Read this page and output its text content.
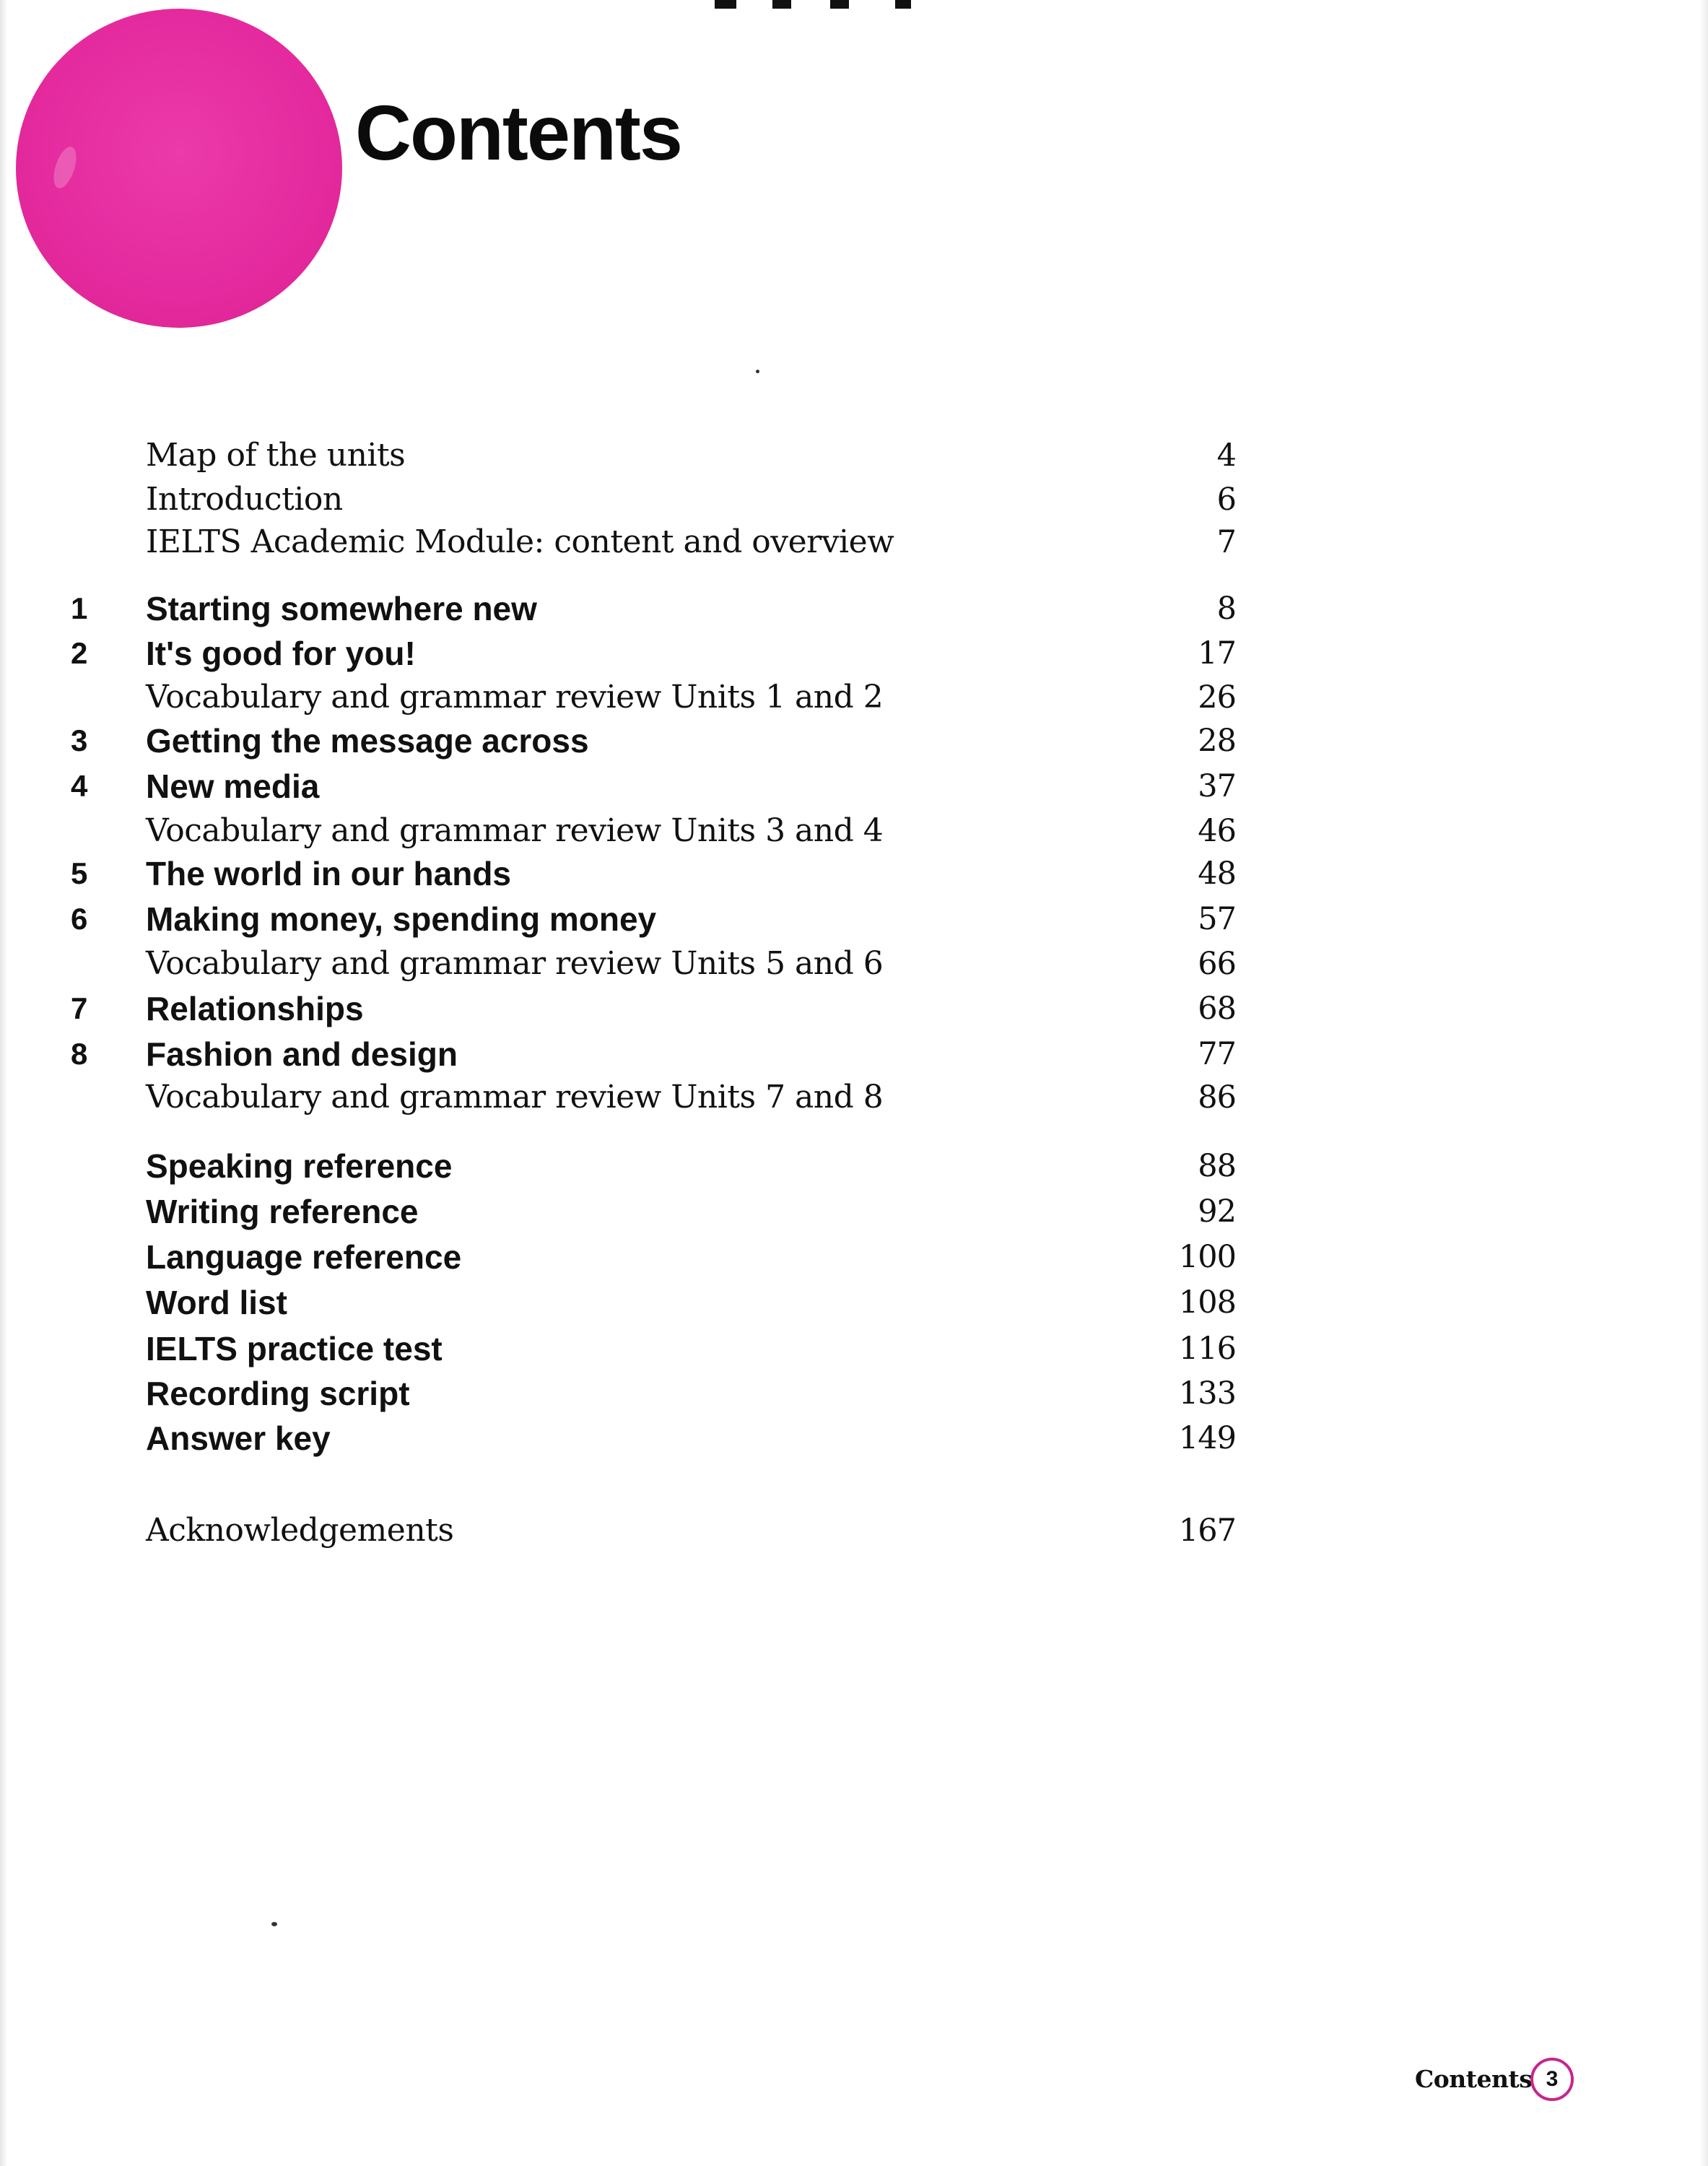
Contents
Map of the units	4
Introduction	6
IELTS Academic Module: content and overview	7
1	Starting somewhere new	8
2	It's good for you!	17
Vocabulary and grammar review Units 1 and 2	26
3	Getting the message across	28
4	New media	37
Vocabulary and grammar review Units 3 and 4	46
5	The world in our hands	48
6	Making money, spending money	57
Vocabulary and grammar review Units 5 and 6	66
7	Relationships	68
8	Fashion and design	77
Vocabulary and grammar review Units 7 and 8	86
Speaking reference	88
Writing reference	92
Language reference	100
Word list	108
IELTS practice test	116
Recording script	133
Answer key	149
Acknowledgements	167
Contents 3
